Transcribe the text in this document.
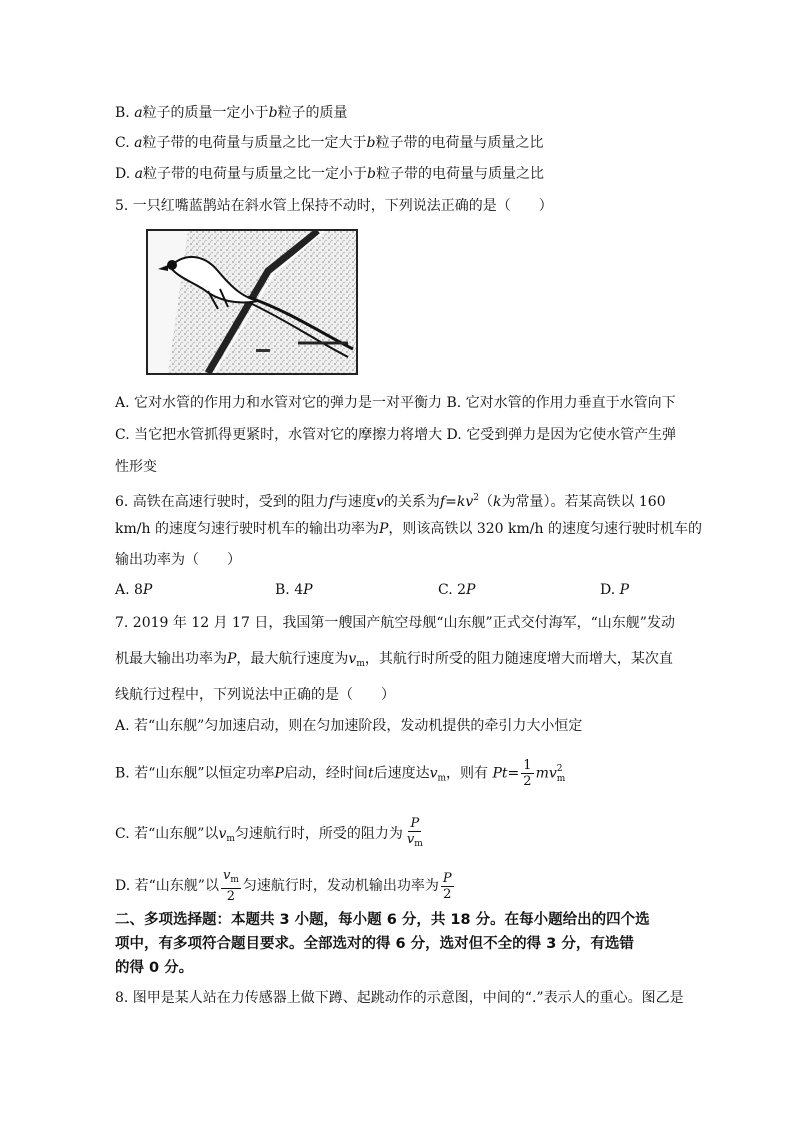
B. a粒子的质量一定小于b粒子的质量
C. a粒子带的电荷量与质量之比一定大于b粒子带的电荷量与质量之比
D. a粒子带的电荷量与质量之比一定小于b粒子带的电荷量与质量之比
5. 一只红嘴蓝鹊站在斜水管上保持不动时，下列说法正确的是（　　）
A. 它对水管的作用力和水管对它的弹力是一对平衡力 B. 它对水管的作用力垂直于水管向下
C. 当它把水管抓得更紧时，水管对它的摩擦力将增大 D. 它受到弹力是因为它使水管产生弹
性形变
6. 高铁在高速行驶时，受到的阻力f与速度v的关系为$f=kv^2(k$为常量）。若某高铁以 160
km/h 的速度匀速行驶时机车的输出功率为P，则该高铁以 320 km/h 的速度匀速行驶时机车的
输出功率为（　　）
A. 8P	B. 4P	C. 2P	D. P
7. 2019 年 12 月 17 日，我国第一艘国产航空母舰“山东舰”正式交付海军，“山东舰”发动
机最大输出功率为P，最大航行速度为$v_m$，其航行时所受的阻力随速度增大而增大，某次直
线航行过程中，下列说法中正确的是（　　）
A. 若“山东舰”匀加速启动，则在匀加速阶段，发动机提供的牵引力大小恒定
B. 若“山东舰”以恒定功率P启动，经时间t后速度达$v_m$，则有 $Pt= \frac{1}{2}$ mv 2
m
C. 若“山东舰”以$v_m$匀速航行时，所受的阻力为 $\frac{P}{v_m}$
D. 若“山东舰”以 $\frac{v_m}{2}$ 匀速航行时，发动机输出功率为 $\frac{P}{2}$
二、多项选择题：本题共 3 小题，每小题 6 分，共 18 分。在每小题给出的四个选
项中，有多项符合题目要求。全部选对的得 6 分，选对但不全的得 3 分，有选错
的得 0 分。
8. 图甲是某人站在力传感器上做下蹲、起跳动作的示意图，中间的“.”表示人的重心。图乙是
